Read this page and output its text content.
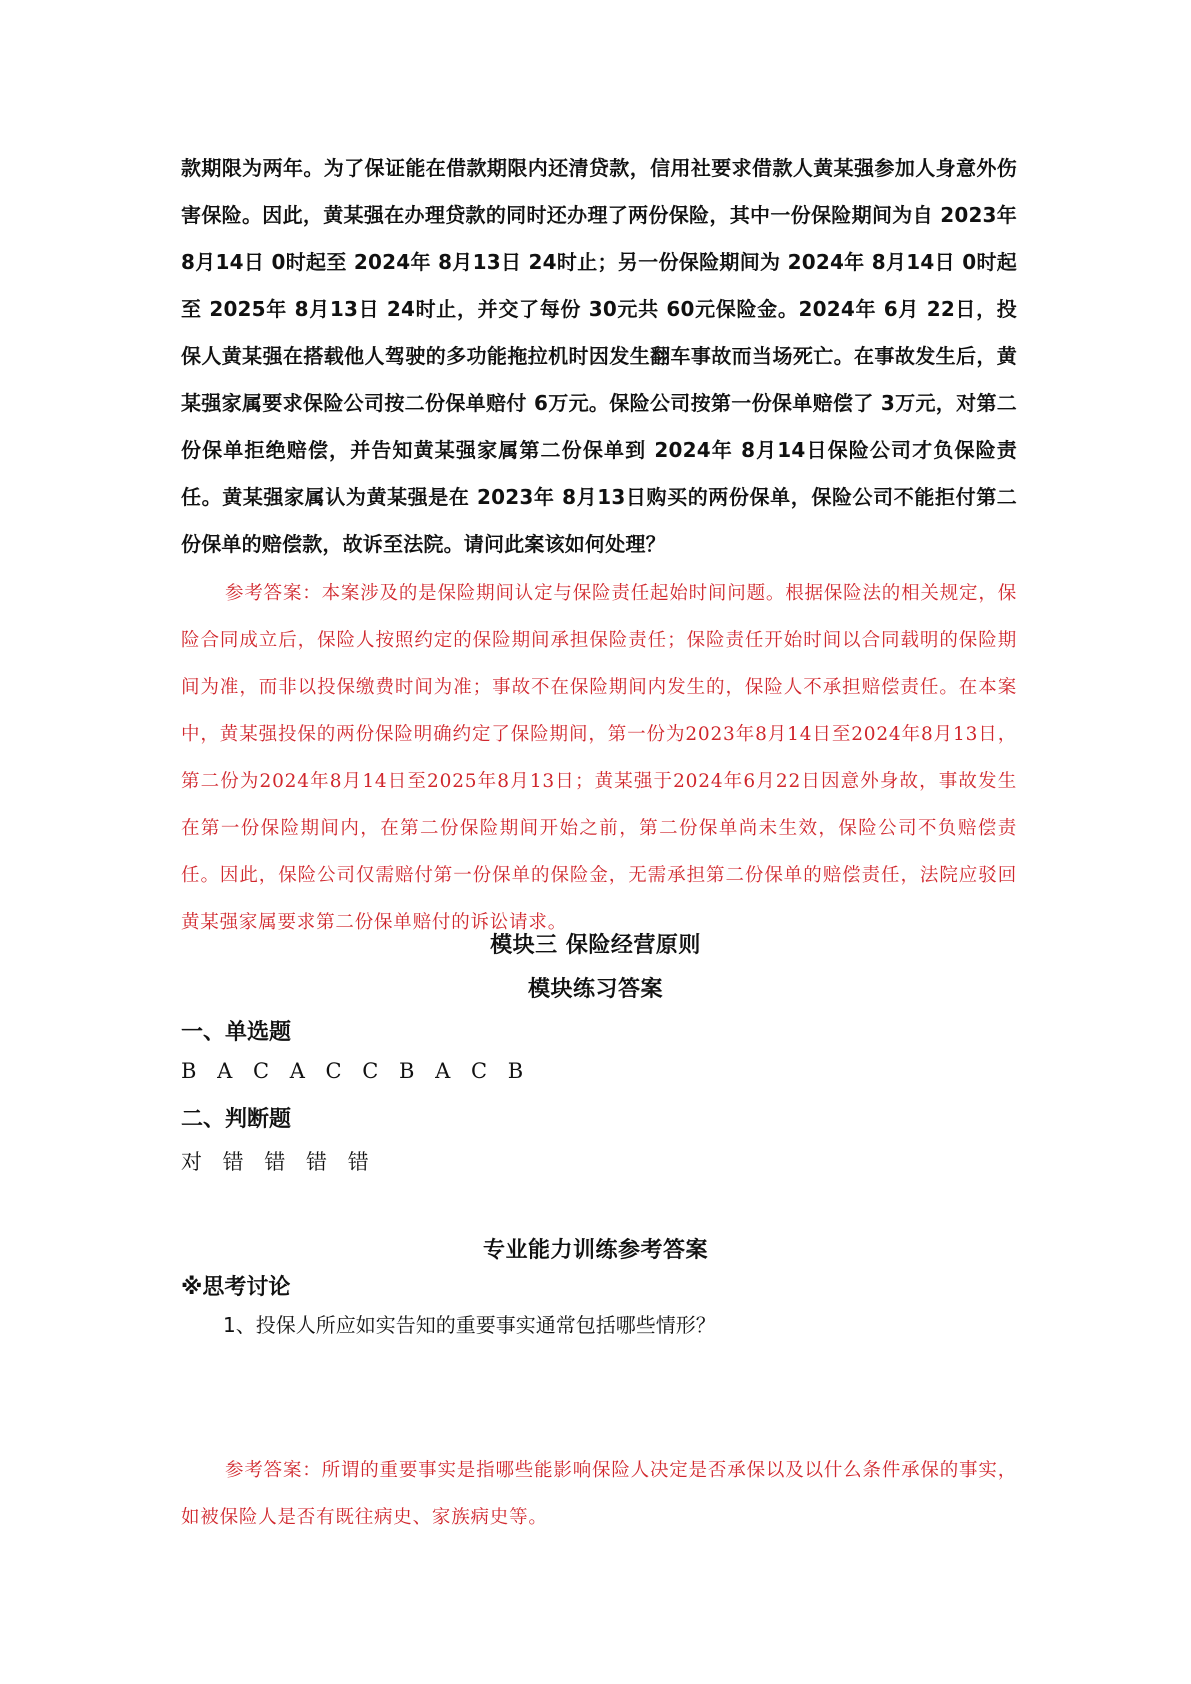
款期限为两年。为了保证能在借款期限内还清贷款，信用社要求借款人黄某强参加人身意外伤害保险。因此，黄某强在办理贷款的同时还办理了两份保险，其中一份保险期间为自 2023年 8月14日 0时起至 2024年 8月13日 24时止；另一份保险期间为 2024年 8月14日 0时起至 2025年 8月13日 24时止，并交了每份 30元共 60元保险金。2024年 6月 22日，投保人黄某强在搭载他人驾驶的多功能拖拉机时因发生翻车事故而当场死亡。在事故发生后，黄某强家属要求保险公司按二份保单赔付 6万元。保险公司按第一份保单赔偿了 3万元，对第二份保单拒绝赔偿，并告知黄某强家属第二份保单到 2024年 8月14日保险公司才负保险责任。黄某强家属认为黄某强是在 2023年 8月13日购买的两份保单，保险公司不能拒付第二份保单的赔偿款，故诉至法院。请问此案该如何处理？
参考答案：本案涉及的是保险期间认定与保险责任起始时间问题。根据保险法的相关规定，保险合同成立后，保险人按照约定的保险期间承担保险责任；保险责任开始时间以合同载明的保险期间为准，而非以投保缴费时间为准；事故不在保险期间内发生的，保险人不承担赔偿责任。在本案中，黄某强投保的两份保险明确约定了保险期间，第一份为2023年8月14日至2024年8月13日，第二份为2024年8月14日至2025年8月13日；黄某强于2024年6月22日因意外身故，事故发生在第一份保险期间内，在第二份保险期间开始之前，第二份保单尚未生效，保险公司不负赔偿责任。因此，保险公司仅需赔付第一份保单的保险金，无需承担第二份保单的赔偿责任，法院应驳回黄某强家属要求第二份保单赔付的诉讼请求。
模块三 保险经营原则
模块练习答案
一、单选题
B A C A C C B A C B
二、判断题
对 错 错 错 错
专业能力训练参考答案
※思考讨论
1、投保人所应如实告知的重要事实通常包括哪些情形？
参考答案：所谓的重要事实是指哪些能影响保险人决定是否承保以及以什么条件承保的事实，如被保险人是否有既往病史、家族病史等。
